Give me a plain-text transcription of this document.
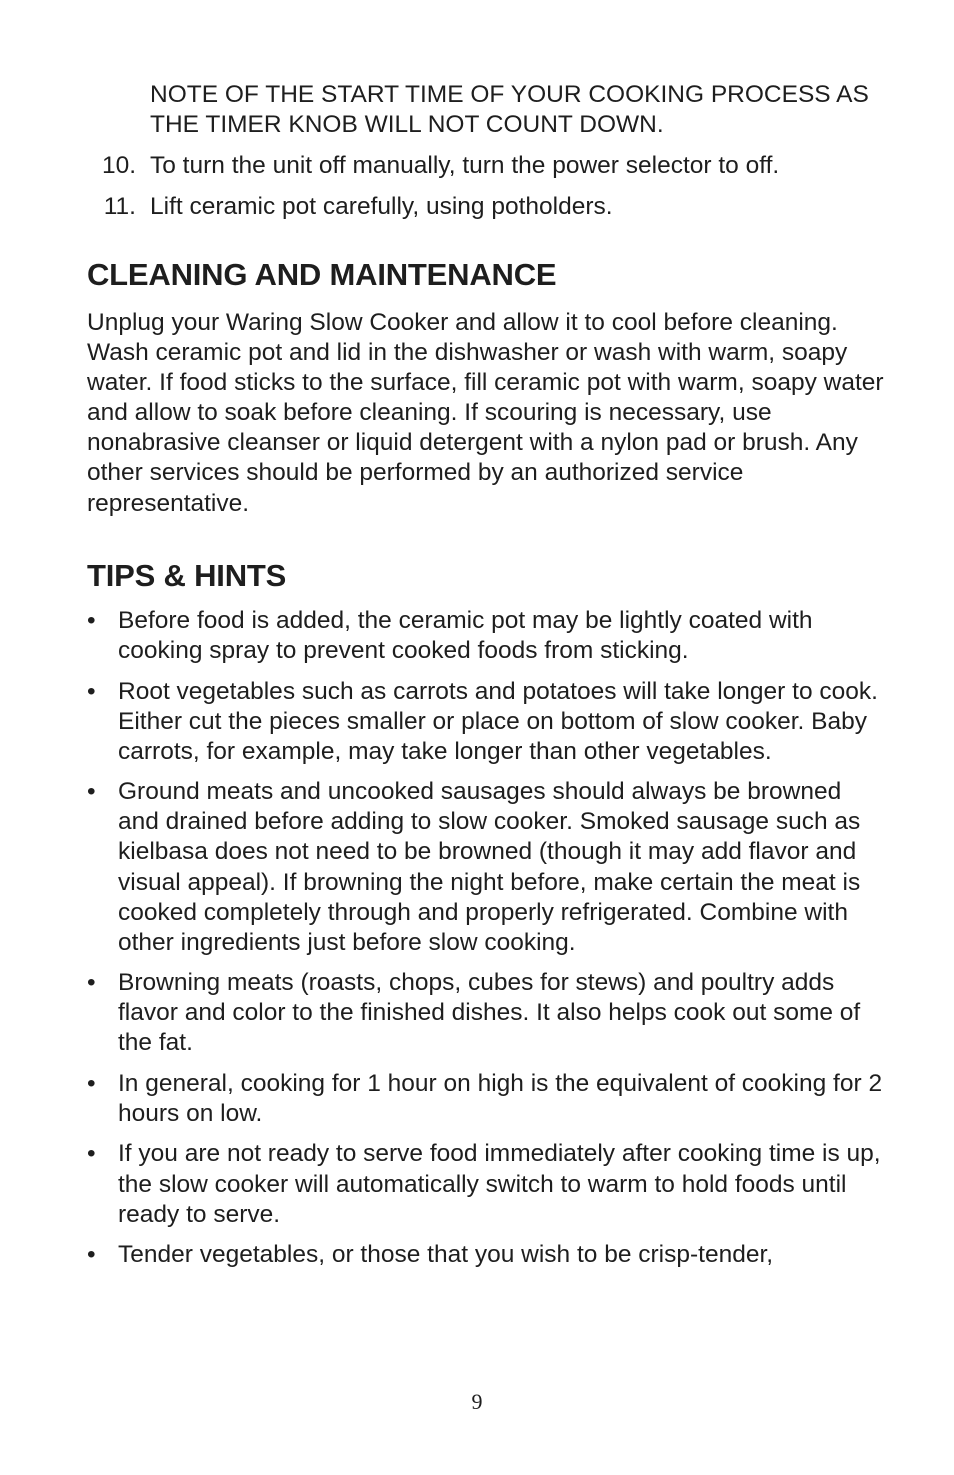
NOTE OF THE START TIME OF YOUR COOKING PROCESS AS THE TIMER KNOB WILL NOT COUNT DOWN.
10. To turn the unit off manually, turn the power selector to off.
11. Lift ceramic pot carefully, using potholders.
CLEANING AND MAINTENANCE

Unplug your Waring Slow Cooker and allow it to cool before cleaning. Wash ceramic pot and lid in the dishwasher or wash with warm, soapy water. If food sticks to the surface, fill ceramic pot with warm, soapy water and allow to soak before cleaning. If scouring is necessary, use nonabrasive cleanser or liquid detergent with a nylon pad or brush. Any other services should be performed by an authorized service representative.

TIPS & HINTS
• Before food is added, the ceramic pot may be lightly coated with cooking spray to prevent cooked foods from sticking.
• Root vegetables such as carrots and potatoes will take longer to cook. Either cut the pieces smaller or place on bottom of slow cooker. Baby carrots, for example, may take longer than other vegetables.
• Ground meats and uncooked sausages should always be browned and drained before adding to slow cooker. Smoked sausage such as kielbasa does not need to be browned (though it may add flavor and visual appeal). If browning the night before, make certain the meat is cooked completely through and properly refrigerated. Combine with other ingredients just before slow cooking.
• Browning meats (roasts, chops, cubes for stews) and poultry adds flavor and color to the finished dishes. It also helps cook out some of the fat.
• In general, cooking for 1 hour on high is the equivalent of cooking for 2 hours on low.
• If you are not ready to serve food immediately after cooking time is up, the slow cooker will automatically switch to warm to hold foods until ready to serve.
• Tender vegetables, or those that you wish to be crisp-tender,
9
